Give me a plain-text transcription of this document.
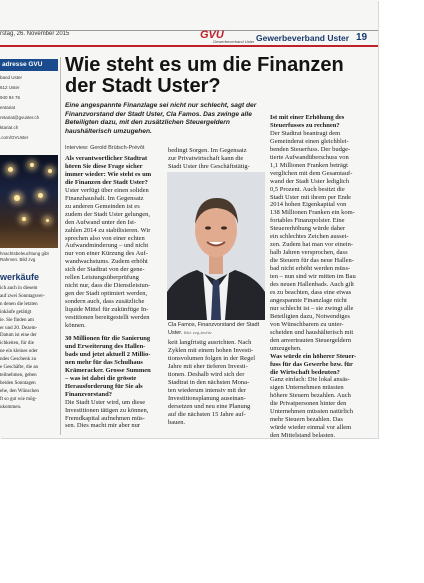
rstag, 26. November 2015	GVU
Gewerbeverband Uster Gewerbeverband Uster 19
adresse GVU
band Uster
612 Uster
940 94 76
entariat
retariat@gvuster.ch
ktariat.ch
.com/GVUster
hnachtsbeleuchtung gibt
Rahmen. Bild zvg
werkäufe
ich auch in diesem
auf zwei Sonntagsver-
n denen die letzten
inkäufe getätigt
ie. Sie finden am
er und 20. Dezem-
Datum ist eine der
ichkeiten, für die
ne ein kleines oder
ndes Geschenk zu
e Geschäfte, die an
teilnehmen, geben
beiden Sonntagen
ehe, den Wünschen
ft so gut wie mög-
ukommen.
Wie steht es um die Finanzen
der Stadt Uster?
Eine angespannte Finanzlage sei nicht nur schlecht, sagt der
Finanzvorstand der Stadt Uster, Cla Famos. Das zwinge alle
Beteiligten dazu, mit den zusätzlichen Steuergeldern
haushälterisch umzugehen.
Interview: Gerold Brütsch-Prévôt
Als verantwortlicher Stadtrat
hören Sie diese Frage sicher
immer wieder: Wie steht es um
die Finanzen der Stadt Uster?
Uster verfügt über einen soliden
Finanzhaushalt. Im Gegensatz
zu anderen Gemeinden ist es
zudem der Stadt Uster gelungen,
den Aufwand unter den Ist-
zahlen 2014 zu stabilisieren. Wir
sprechen also von einer echten
Aufwandminderung – und nicht
nur von einer Kürzung des Auf-
wandwachstums. Zudem erhöht
sich der Stadtrat von der gene-
rellen Leistungsüberprüfung
nicht nur, dass die Dienstleistun-
gen der Stadt optimiert werden,
sondern auch, dass zusätzliche
liquide Mittel für zukünftige In-
vestitionen bereitgestellt werden
können.
30 Millionen für die Sanierung
und Erweiterung des Hallen-
bads und jetzt aktuell 2 Millio-
nen mehr für das Schulhaus
Krämeracker. Grosse Summen
– was ist dabei die grösste
Herausforderung für Sie als
Finanzvorstand?
Die Stadt Uster wird, um diese
Investitionen tätigen zu können,
Fremdkapital aufnehmen müs-
sen. Dies macht mir aber nur
bedingt Sorgen. Im Gegensatz
zur Privatwirtschaft kann die
Stadt Uster ihre Geschäftstätig-
Cla Famos, Finanzvorstand der Stadt Uster. Bild: zvg-Archiv
keit langfristig ausrichten. Nach
Zyklen mit einem hohen Investi-
tionsvolumen folgen in der Regel
Jahre mit eher tieferen Investi-
tionen. Deshalb wird sich der
Stadtrat in den nächsten Mona-
ten wiederum intensiv mit der
Investitionsplanung auseinan-
dersetzen und neu eine Planung
auf die nächsten 15 Jahre auf-
bauen.
Ist mit einer Erhöhung des
Steuerfusses zu rechnen?
Der Stadtrat beantragt dem
Gemeinderat einen gleichblei-
benden Steuerfuss. Der budge-
tierte Aufwandüberschuss von
1,1 Millionen Franken beträgt
verglichen mit dem Gesamtauf-
wand der Stadt Uster lediglich
0,5 Prozent. Auch besitzt die
Stadt Uster mit ihrem per Ende
2014 hohen Eigenkapital von
138 Millionen Franken ein kom-
fortables Finanzpolster. Eine
Steuererhöhung würde daher
ein schlechtes Zeichen ausset-
zen. Zudem hat man vor einein-
halb Jahren versprochen, dass
die Steuern für das neue Hallen-
bad nicht erhöht werden müss-
ten – nun sind wir mitten im Bau
des neuen Hallenbads. Auch gilt
es zu beachten, dass eine etwas
angespannte Finanzlage nicht
nur schlecht ist – sie zwingt alle
Beteiligten dazu, Notwendiges
von Wünschbarem zu unter-
scheiden und haushälterisch mit
den anvertrauten Steuergeldern
umzugehen.
Was würde ein höherer Steuer-
fuss für das Gewerbe bzw. für
die Wirtschaft bedeuten?
Ganz einfach: Die lokal ansäs-
sigen Unternehmen müssten
höhere Steuern bezahlen. Auch
die Privatpersonen hinter den
Unternehmen müssten natürlich
mehr Steuern bezahlen. Das
würde wieder einmal vor allem
den Mittelstand belasten.
